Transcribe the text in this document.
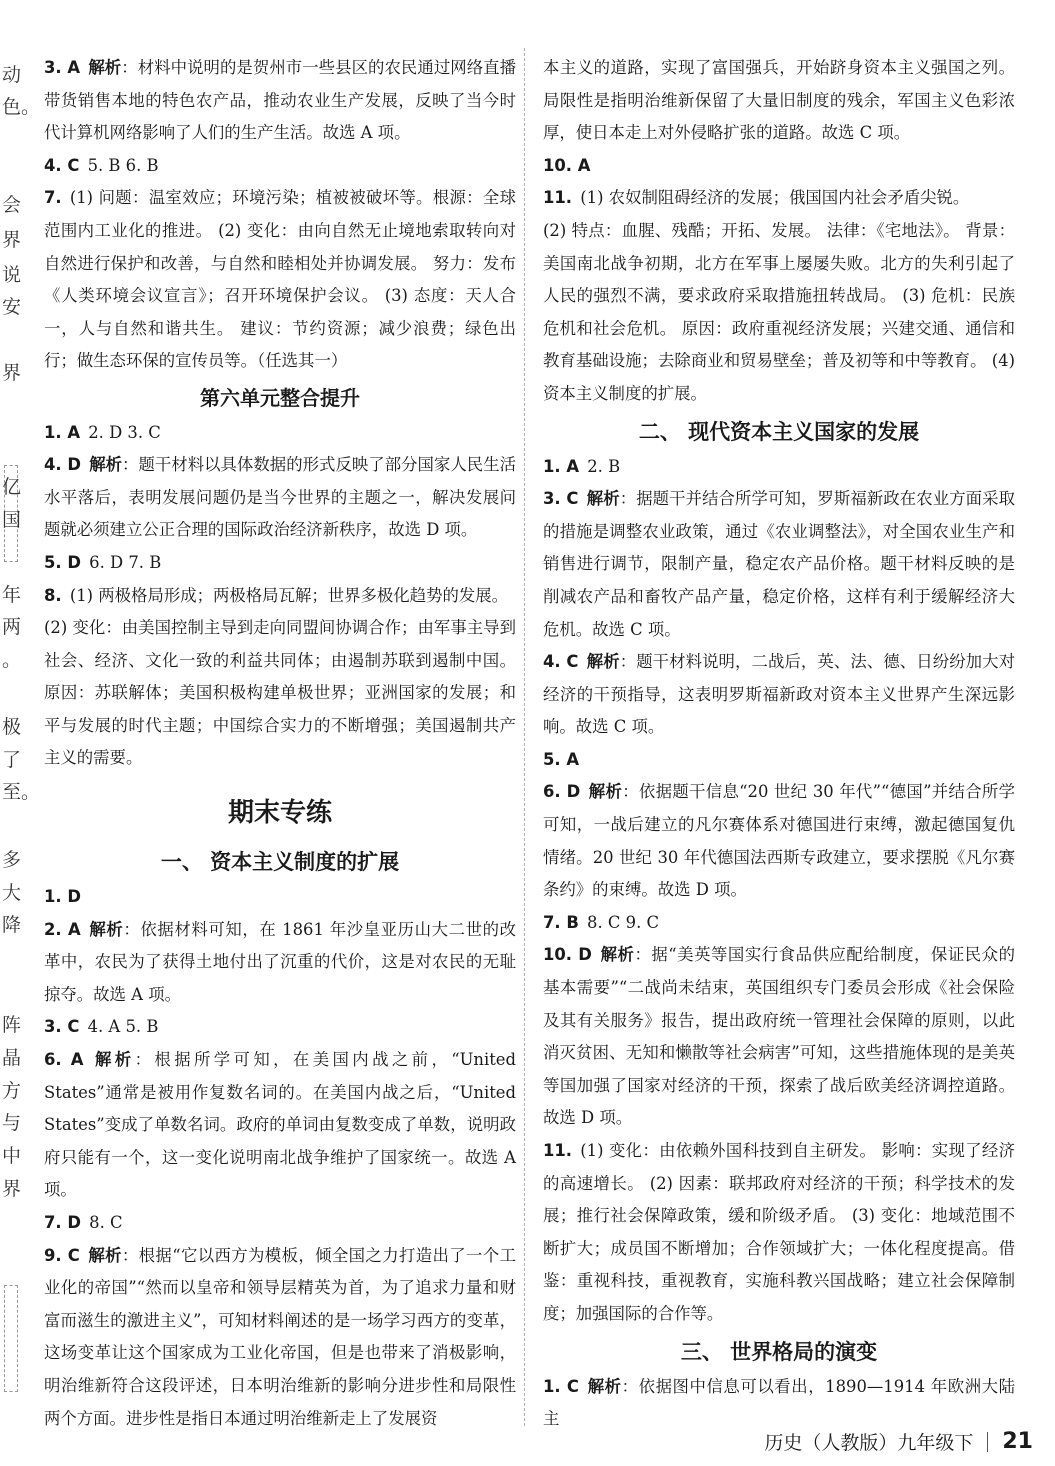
动
色。
会
界
说
安
界
亿
国
年
两
。
极
了
至。
多
大
降
阵
晶
方
与
中
界
3. A  解析：材料中说明的是贺州市一些县区的农民通过网络直播带货销售本地的特色农产品，推动农业生产发展，反映了当今时代计算机网络影响了人们的生产生活。故选 A 项。
4. C  5. B 6. B
7.  (1) 问题：温室效应；环境污染；植被被破坏等。根源：全球范围内工业化的推进。 (2) 变化：由向自然无止境地索取转向对自然进行保护和改善，与自然和睦相处并协调发展。 努力：发布《人类环境会议宣言》；召开环境保护会议。 (3) 态度：天人合一，人与自然和谐共生。 建议：节约资源；减少浪费；绿色出行；做生态环保的宣传员等。（任选其一）
第六单元整合提升
1. A  2. D 3. C
4. D  解析：题干材料以具体数据的形式反映了部分国家人民生活水平落后，表明发展问题仍是当今世界的主题之一，解决发展问题就必须建立公正合理的国际政治经济新秩序，故选 D 项。
5. D  6. D 7. B
8.  (1) 两极格局形成；两极格局瓦解；世界多极化趋势的发展。
(2) 变化：由美国控制主导到走向同盟间协调合作；由军事主导到社会、经济、文化一致的利益共同体；由遏制苏联到遏制中国。 原因：苏联解体；美国积极构建单极世界；亚洲国家的发展；和平与发展的时代主题；中国综合实力的不断增强；美国遏制共产主义的需要。
期末专练
一、 资本主义制度的扩展
1. D 
2. A  解析：依据材料可知，在 1861 年沙皇亚历山大二世的改革中，农民为了获得土地付出了沉重的代价，这是对农民的无耻掠夺。故选 A 项。
3. C  4. A 5. B
6. A  解析：根据所学可知，在美国内战之前，“United States”通常是被用作复数名词的。在美国内战之后，“United States”变成了单数名词。政府的单词由复数变成了单数，说明政府只能有一个，这一变化说明南北战争维护了国家统一。故选 A 项。
7. D  8. C
9. C  解析：根据“它以西方为模板，倾全国之力打造出了一个工业化的帝国”“然而以皇帝和领导层精英为首，为了追求力量和财富而滋生的激进主义”，可知材料阐述的是一场学习西方的变革，这场变革让这个国家成为工业化帝国，但是也带来了消极影响，明治维新符合这段评述，日本明治维新的影响分进步性和局限性两个方面。进步性是指日本通过明治维新走上了发展资
本主义的道路，实现了富国强兵，开始跻身资本主义强国之列。局限性是指明治维新保留了大量旧制度的残余，军国主义色彩浓厚，使日本走上对外侵略扩张的道路。故选 C 项。
10. A 
11.  (1) 农奴制阻碍经济的发展；俄国国内社会矛盾尖锐。
(2) 特点：血腥、残酷；开拓、发展。 法律：《宅地法》。 背景：美国南北战争初期，北方在军事上屡屡失败。北方的失利引起了人民的强烈不满，要求政府采取措施扭转战局。 (3) 危机：民族危机和社会危机。 原因：政府重视经济发展；兴建交通、通信和教育基础设施；去除商业和贸易壁垒；普及初等和中等教育。 (4) 资本主义制度的扩展。
二、 现代资本主义国家的发展
1. A  2. B
3. C  解析：据题干并结合所学可知，罗斯福新政在农业方面采取的措施是调整农业政策，通过《农业调整法》，对全国农业生产和销售进行调节，限制产量，稳定农产品价格。题干材料反映的是削减农产品和畜牧产品产量，稳定价格，这样有利于缓解经济大危机。故选 C 项。
4. C  解析：题干材料说明，二战后，英、法、德、日纷纷加大对经济的干预指导，这表明罗斯福新政对资本主义世界产生深远影响。故选 C 项。
5. A 
6. D  解析：依据题干信息“20 世纪 30 年代”“德国”并结合所学可知，一战后建立的凡尔赛体系对德国进行束缚，激起德国复仇情绪。20 世纪 30 年代德国法西斯专政建立，要求摆脱《凡尔赛条约》的束缚。故选 D 项。
7. B  8. C 9. C
10. D  解析：据“美英等国实行食品供应配给制度，保证民众的基本需要”“二战尚未结束，英国组织专门委员会形成《社会保险及其有关服务》报告，提出政府统一管理社会保障的原则，以此消灭贫困、无知和懒散等社会病害”可知，这些措施体现的是美英等国加强了国家对经济的干预，探索了战后欧美经济调控道路。故选 D 项。
11.  (1) 变化：由依赖外国科技到自主研发。 影响：实现了经济的高速增长。 (2) 因素：联邦政府对经济的干预；科学技术的发展；推行社会保障政策，缓和阶级矛盾。 (3) 变化：地域范围不断扩大；成员国不断增加；合作领域扩大；一体化程度提高。借鉴：重视科技，重视教育，实施科教兴国战略；建立社会保障制度；加强国际的合作等。
三、 世界格局的演变
1. C  解析：依据图中信息可以看出，1890—1914 年欧洲大陆主
历史（人教版）九年级下 21
